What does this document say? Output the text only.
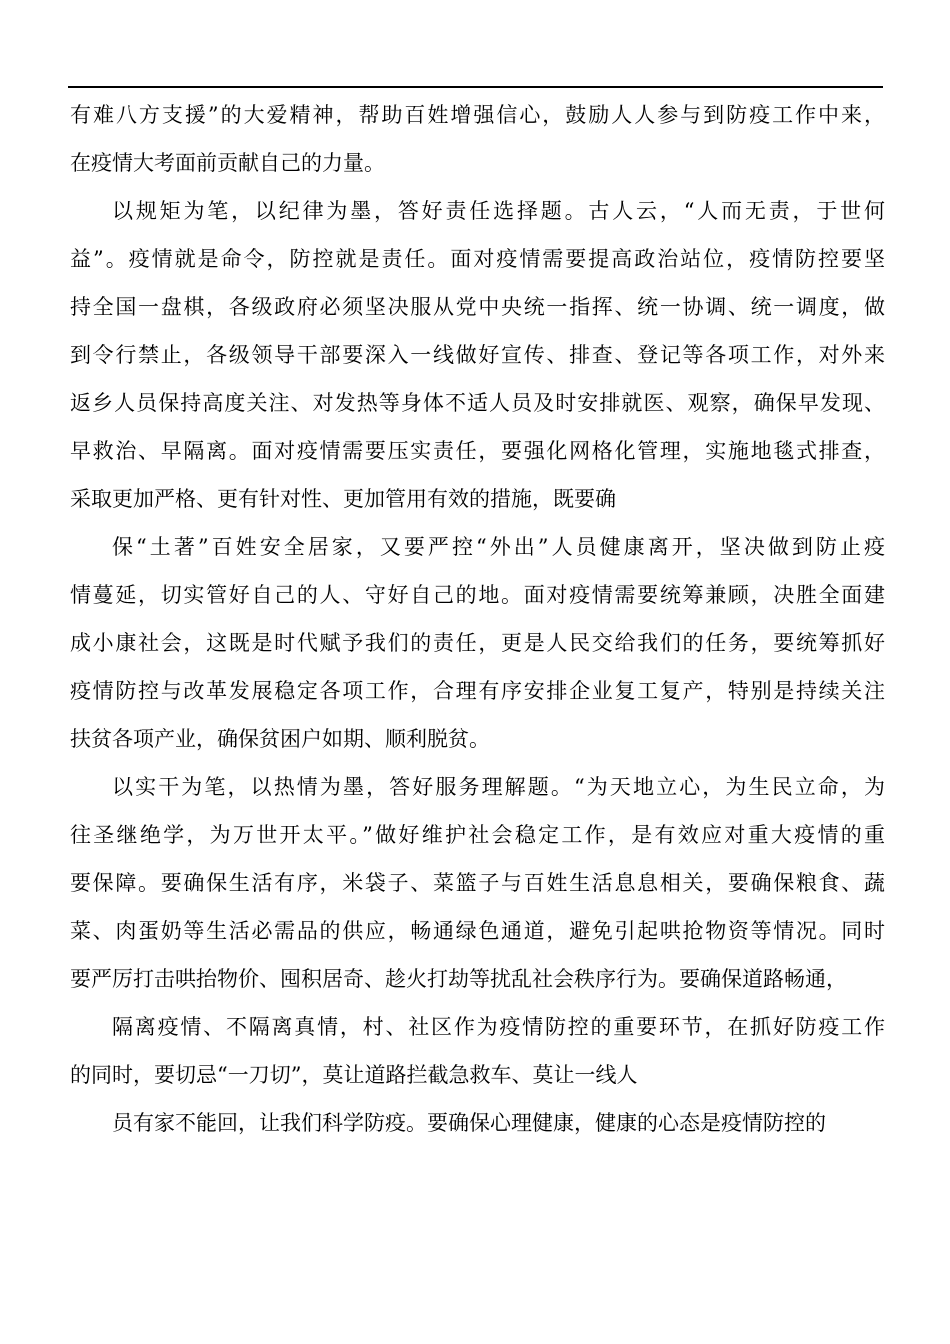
有难八方支援”的大爱精神，帮助百姓增强信心，鼓励人人参与到防疫工作中来，
在疫情大考面前贡献自己的力量。
以规矩为笔，以纪律为墨，答好责任选择题。古人云，“人而无责，于世何
益”。疫情就是命令，防控就是责任。面对疫情需要提高政治站位，疫情防控要坚
持全国一盘棋，各级政府必须坚决服从党中央统一指挥、统一协调、统一调度，做
到令行禁止，各级领导干部要深入一线做好宣传、排查、登记等各项工作，对外来
返乡人员保持高度关注、对发热等身体不适人员及时安排就医、观察，确保早发现、
早救治、早隔离。面对疫情需要压实责任，要强化网格化管理，实施地毯式排查，
采取更加严格、更有针对性、更加管用有效的措施，既要确
保“土著”百姓安全居家，又要严控“外出”人员健康离开，坚决做到防止疫
情蔓延，切实管好自己的人、守好自己的地。面对疫情需要统筹兼顾，决胜全面建
成小康社会，这既是时代赋予我们的责任，更是人民交给我们的任务，要统筹抓好
疫情防控与改革发展稳定各项工作，合理有序安排企业复工复产，特别是持续关注
扶贫各项产业，确保贫困户如期、顺利脱贫。
以实干为笔，以热情为墨，答好服务理解题。“为天地立心，为生民立命，为
往圣继绝学，为万世开太平。”做好维护社会稳定工作，是有效应对重大疫情的重
要保障。要确保生活有序，米袋子、菜篮子与百姓生活息息相关，要确保粮食、蔬
菜、肉蛋奶等生活必需品的供应，畅通绿色通道，避免引起哄抢物资等情况。同时
要严厉打击哄抬物价、囤积居奇、趁火打劫等扰乱社会秩序行为。要确保道路畅通，
隔离疫情、不隔离真情，村、社区作为疫情防控的重要环节，在抓好防疫工作
的同时，要切忌“一刀切”，莫让道路拦截急救车、莫让一线人
员有家不能回，让我们科学防疫。要确保心理健康，健康的心态是疫情防控的
